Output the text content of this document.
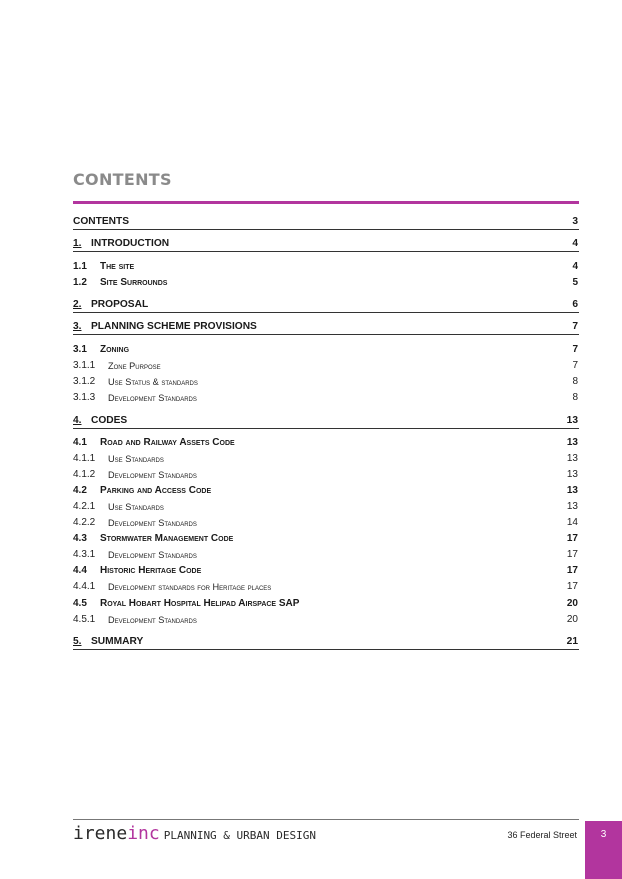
CONTENTS
CONTENTS	3
1. INTRODUCTION	4
1.1 The site	4
1.2 Site Surrounds	5
2. PROPOSAL	6
3. PLANNING SCHEME PROVISIONS	7
3.1 Zoning	7
3.1.1 Zone Purpose	7
3.1.2 Use Status & standards	8
3.1.3 Development Standards	8
4. CODES	13
4.1 Road and Railway Assets Code	13
4.1.1 Use Standards	13
4.1.2 Development Standards	13
4.2 Parking and Access Code	13
4.2.1 Use Standards	13
4.2.2 Development Standards	14
4.3 Stormwater Management Code	17
4.3.1 Development Standards	17
4.4 Historic Heritage Code	17
4.4.1 Development standards for Heritage places	17
4.5 Royal Hobart Hospital Helipad Airspace SAP	20
4.5.1 Development Standards	20
5. SUMMARY	21
ireneinc PLANNING & URBAN DESIGN	36 Federal Street	3
